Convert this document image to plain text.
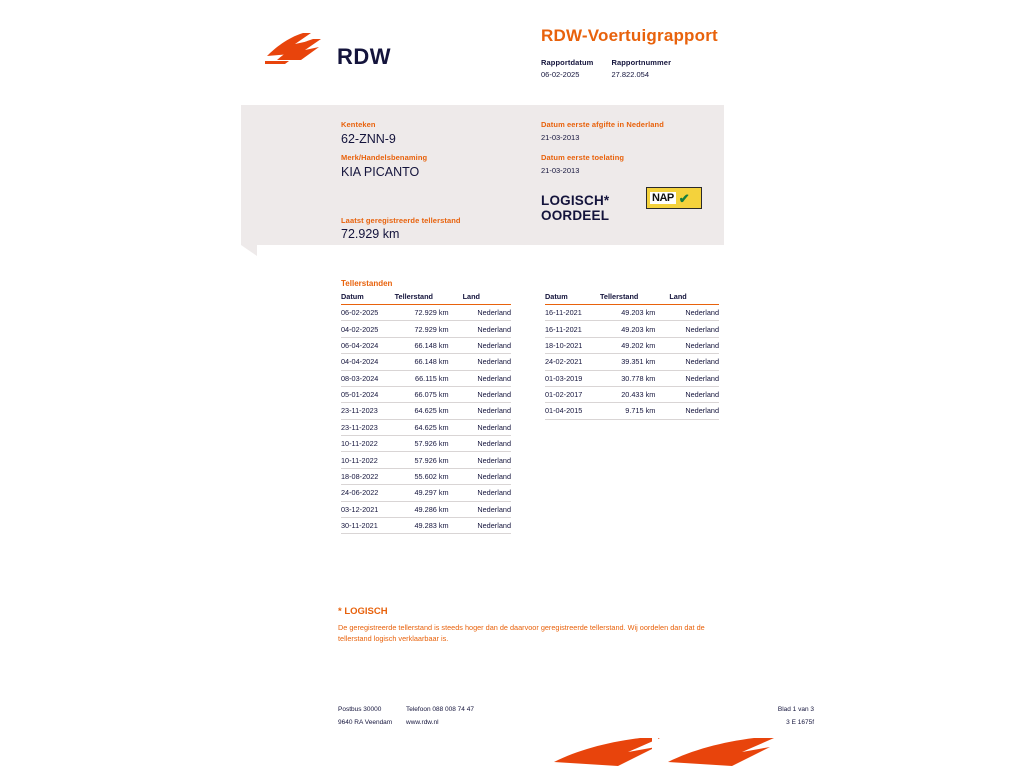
RDW
RDW-Voertuigrapport
Rapportdatum
06-02-2025
Rapportnummer
27.822.054
Kenteken
62-ZNN-9
Merk/Handelsbenaming
KIA PICANTO
Laatst geregistreerde tellerstand
72.929 km
Datum eerste afgifte in Nederland
21-03-2013
Datum eerste toelating
21-03-2013
LOGISCH*
OORDEEL
NAP ✔
Tellerstanden
Datum	Tellerstand	Land
06-02-2025	72.929 km	Nederland
04-02-2025	72.929 km	Nederland
06-04-2024	66.148 km	Nederland
04-04-2024	66.148 km	Nederland
08-03-2024	66.115 km	Nederland
05-01-2024	66.075 km	Nederland
23-11-2023	64.625 km	Nederland
23-11-2023	64.625 km	Nederland
10-11-2022	57.926 km	Nederland
10-11-2022	57.926 km	Nederland
18-08-2022	55.602 km	Nederland
24-06-2022	49.297 km	Nederland
03-12-2021	49.286 km	Nederland
30-11-2021	49.283 km	Nederland
Datum	Tellerstand	Land
16-11-2021	49.203 km	Nederland
16-11-2021	49.203 km	Nederland
18-10-2021	49.202 km	Nederland
24-02-2021	39.351 km	Nederland
01-03-2019	30.778 km	Nederland
01-02-2017	20.433 km	Nederland
01-04-2015	9.715 km	Nederland
* LOGISCH
De geregistreerde tellerstand is steeds hoger dan de daarvoor geregistreerde tellerstand. Wij oordelen dan dat de tellerstand logisch verklaarbaar is.
Postbus 30000
9640 RA Veendam
Telefoon 088 008 74 47
www.rdw.nl
Blad 1 van 3
3 E 1675f
